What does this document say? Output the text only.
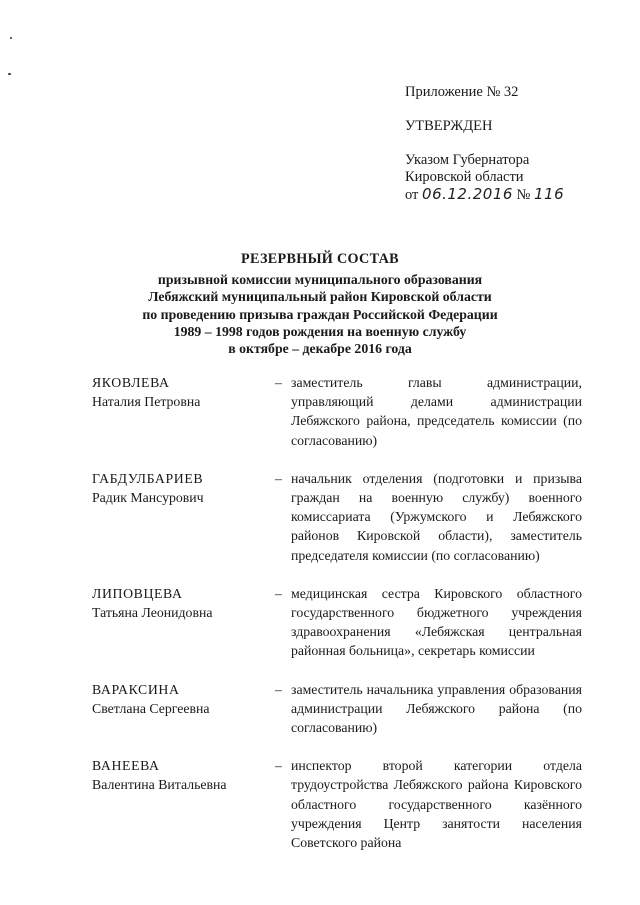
Приложение № 32
УТВЕРЖДЕН
Указом Губернатора
Кировской области
от 06.12.2016 № 116
РЕЗЕРВНЫЙ СОСТАВ
призывной комиссии муниципального образования
Лебяжский муниципальный район Кировской области
по проведению призыва граждан Российской Федерации
1989 – 1998 годов рождения на военную службу
в октябре – декабре 2016 года
ЯКОВЛЕВА
Наталия Петровна
– заместитель главы администрации, управляющий делами администрации Лебяжского района, председатель комиссии (по согласованию)
ГАБДУЛБАРИЕВ
Радик Мансурович
– начальник отделения (подготовки и призыва граждан на военную службу) военного комиссариата (Уржумского и Лебяжского районов Кировской области), заместитель председателя комиссии (по согласованию)
ЛИПОВЦЕВА
Татьяна Леонидовна
– медицинская сестра Кировского областного государственного бюджетного учреждения здравоохранения «Лебяжская центральная районная больница», секретарь комиссии
ВАРАКСИНА
Светлана Сергеевна
– заместитель начальника управления образования администрации Лебяжского района (по согласованию)
ВАНЕЕВА
Валентина Витальевна
– инспектор второй категории отдела трудоустройства Лебяжского района Кировского областного государственного казённого учреждения Центр занятости населения Советского района
